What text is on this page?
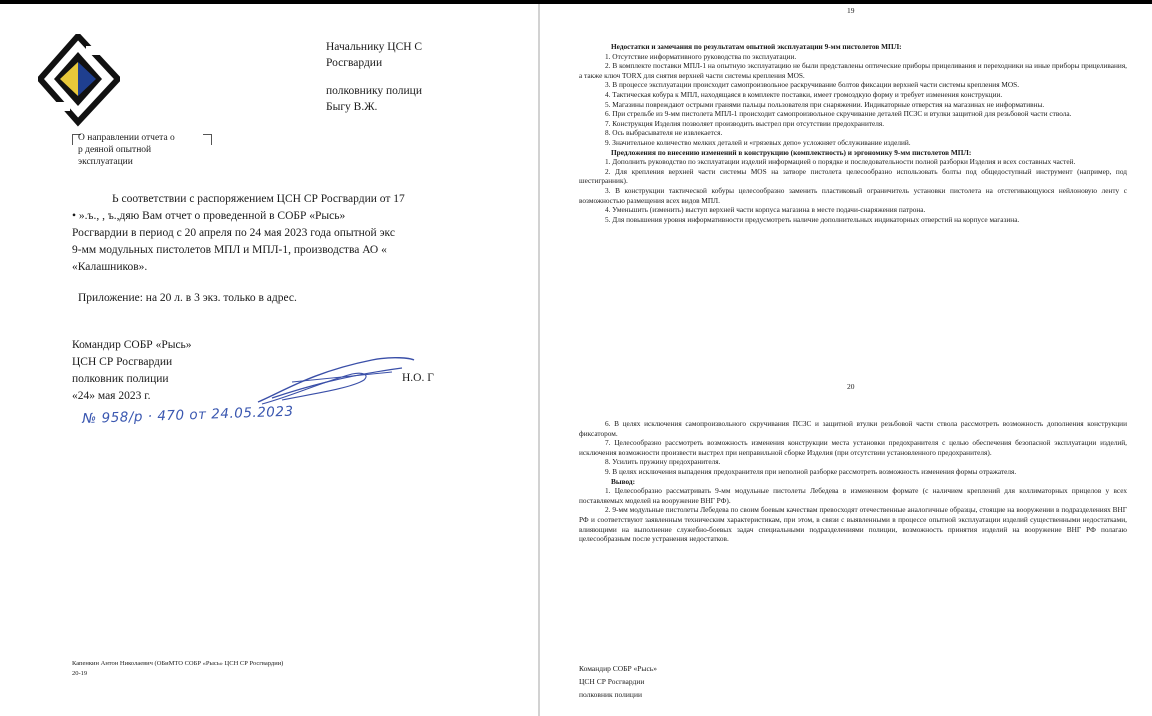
Начальнику ЦСН С

Росгвардии

полковнику полици

Быгу В.Ж.

О направлении отчета о

р деяной опытной

эксплуатации

Ь соответствии с распоряжением ЦСН СР Росгвардии от 17

• ».ъ., , ъ.,дяю Вам отчет о проведенной в СОБР «Рысь»

Росгвардии в период с 20 апреля по 24 мая 2023 года опытной экс

9-мм модульных пистолетов МПЛ и МПЛ-1, производства АО «

«Калашников».

Приложение: на 20 л. в 3 экз. только в адрес.

Командир СОБР «Рысь»

ЦСН СР Росгвардии

полковник полиции

«24» мая 2023 г.

Н.О. Г

№ 958/р · 470 от 24.05.2023

Капенкин Антон Николаевич (ОБиМТО СОБР «Рысь» ЦСН СР Росгвардии)

20-19

19

Недостатки и замечания по результатам опытной эксплуатации 9-мм пистолетов МПЛ:

1. Отсутствие информативного руководства по эксплуатации.

2. В комплекте поставки МПЛ-1 на опытную эксплуатацию не были представлены оптические приборы прицеливания и переходники на иные приборы прицеливания, а также ключ TORX для снятия верхней части системы крепления MOS.

3. В процессе эксплуатации происходит самопроизвольное раскручивание болтов фиксации верхней части системы крепления MOS.

4. Тактическая кобура к МПЛ, находящаяся в комплекте поставки, имеет громоздкую форму и требует изменения конструкции.

5. Магазины повреждают острыми гранями пальцы пользователя при снаряжении. Индикаторные отверстия на магазинах не информативны.

6. При стрельбе из 9-мм пистолета МПЛ-1 происходит самопроизвольное скручивание деталей ПСЗС и втулки защитной для резьбовой части ствола.

7. Конструкция Изделия позволяет производить выстрел при отсутствии предохранителя.

8. Ось выбрасывателя не извлекается.

9. Значительное количество мелких деталей и «грязевых депо» усложняет обслуживание изделий.

Предложения по внесению изменений в конструкцию (комплектность) и эргономику 9-мм пистолетов МПЛ:

1. Дополнить руководство по эксплуатации изделий информацией о порядке и последовательности полной разборки Изделия и всех составных частей.

2. Для крепления верхней части системы MOS на затворе пистолета целесообразно использовать болты под общедоступный инструмент (например, под шестигранник).

3. В конструкции тактической кобуры целесообразно заменить пластиковый ограничитель установки пистолета на отстегивающуюся нейлоновую ленту с возможностью размещения всех видов МПЛ.

4. Уменьшить (изменить) выступ верхней части корпуса магазина в месте подачи-снаряжения патрона.

5. Для повышения уровня информативности предусмотреть наличие дополнительных индикаторных отверстий на корпусе магазина.

20

6. В целях исключения самопроизвольного скручивания ПСЗС и защитной втулки резьбовой части ствола рассмотреть возможность дополнения конструкции фиксатором.

7. Целесообразно рассмотреть возможность изменения конструкции места установки предохранителя с целью обеспечения безопасной эксплуатации изделий, исключения возможности произвести выстрел при неправильной сборке Изделия (при отсутствии установленного предохранителя).

8. Усилить пружину предохранителя.

9. В целях исключения выпадения предохранителя при неполной разборке рассмотреть возможность изменения формы отражателя.

Вывод:

1. Целесообразно рассматривать 9-мм модульные пистолеты Лебедева в измененном формате (с наличием креплений для коллиматорных прицелов у всех поставляемых моделей на вооружение ВНГ РФ).

2. 9-мм модульные пистолеты Лебедева по своим боевым качествам превосходят отечественные аналогичные образцы, стоящие на вооружении в подразделениях ВНГ РФ и соответствуют заявленным техническим характеристикам, при этом, в связи с выявленными в процессе опытной эксплуатации изделий существенными недостатками, влияющими на выполнение служебно-боевых задач специальными подразделениями полиции, возможность принятия изделий на вооружение ВНГ РФ полагаю целесообразным после устранения недостатков.

Командир СОБР «Рысь»

ЦСН СР Росгвардии

полковник полиции
